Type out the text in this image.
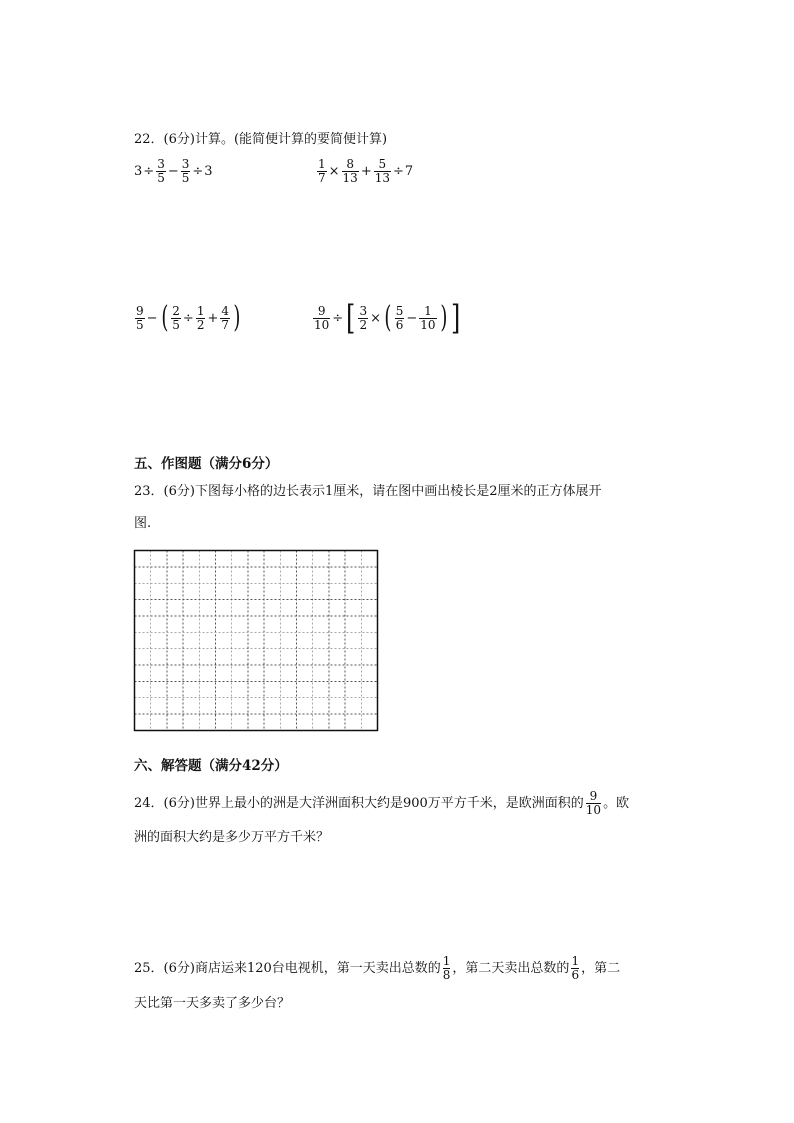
22．(6分)计算。(能简便计算的要简便计算)
$3 \div \frac{3}{5} - \frac{3}{5} \div 3$	$\frac{1}{7} \times \frac{8}{13} + \frac{5}{13} \div 7$
$\frac{9}{5}$ − ( $\frac{2}{5} \div \frac{1}{2} + \frac{4}{7}$ )	$\frac{9}{10}$ ÷ [ $\frac{3}{2}$ × ( $\frac{5}{6} - \frac{1}{10}$ ) ]
五、作图题（满分6分）
23．(6分)下图每小格的边长表示1厘米，请在图中画出棱长是2厘米的正方体展开
图.
六、解答题（满分42分）
24．(6分)世界上最小的洲是大洋洲面积大约是900万平方千米，是欧洲面积的 $\frac{9}{10}$ 。欧
洲的面积大约是多少万平方千米？
25．(6分)商店运来120台电视机，第一天卖出总数的 $\frac{1}{8}$ ，第二天卖出总数的 $\frac{1}{6}$ ，第二
天比第一天多卖了多少台？
